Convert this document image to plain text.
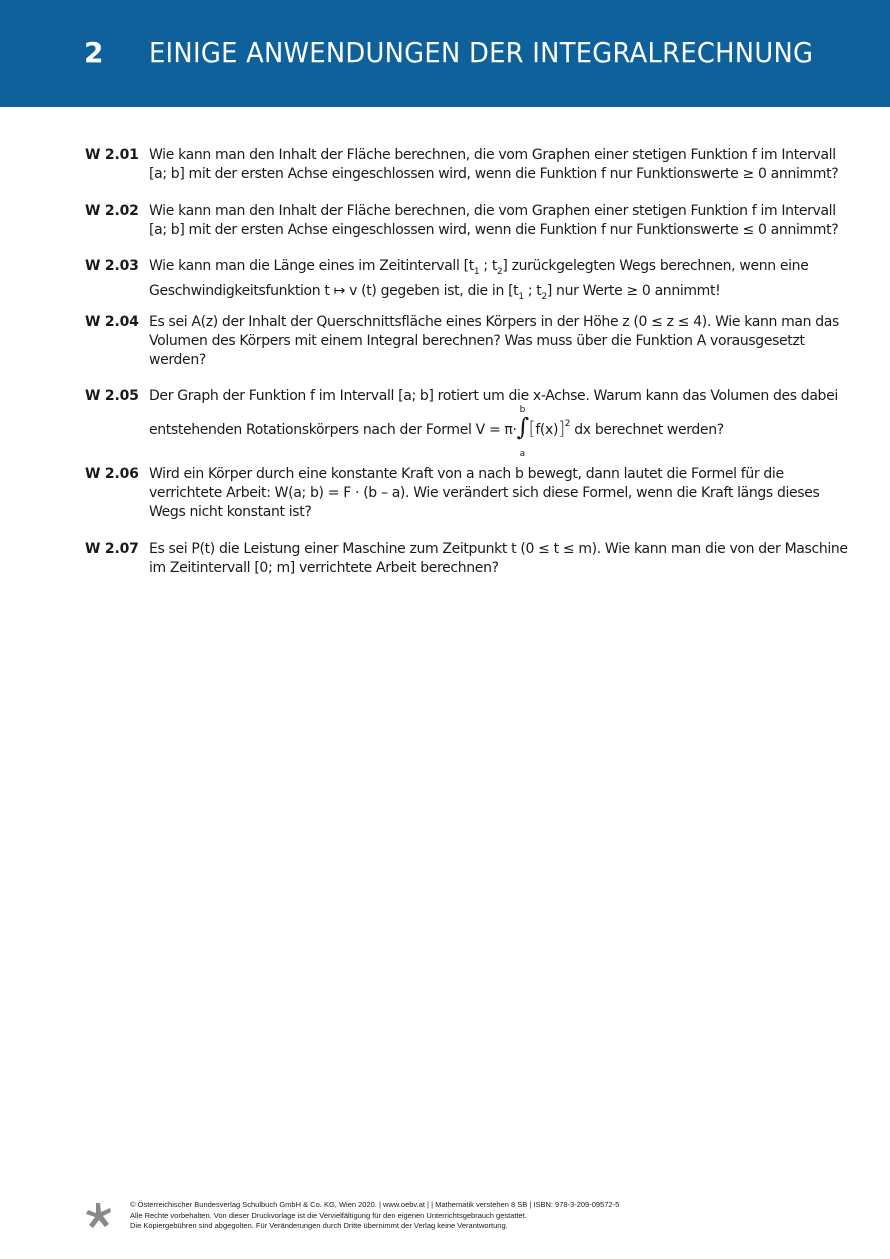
2 EINIGE ANWENDUNGEN DER INTEGRALRECHNUNG
W 2.01 Wie kann man den Inhalt der Fläche berechnen, die vom Graphen einer stetigen Funktion f im Intervall
[a; b] mit der ersten Achse eingeschlossen wird, wenn die Funktion f nur Funktionswerte ≥ 0 annimmt?
W 2.02 Wie kann man den Inhalt der Fläche berechnen, die vom Graphen einer stetigen Funktion f im Intervall
[a; b] mit der ersten Achse eingeschlossen wird, wenn die Funktion f nur Funktionswerte ≤ 0 annimmt?
W 2.03 Wie kann man die Länge eines im Zeitintervall [$t_1$ ; $t_2$] zurückgelegten Wegs berechnen, wenn eine
Geschwindigkeitsfunktion t ↦ v (t) gegeben ist, die in [$t_1$ ; $t_2$] nur Werte ≥ 0 annimmt!
W 2.04 Es sei A(z) der Inhalt der Querschnittsfläche eines Körpers in der Höhe z (0 ≤ z ≤ 4). Wie kann man das
Volumen des Körpers mit einem Integral berechnen? Was muss über die Funktion A vorausgesetzt
werden?
W 2.05 Der Graph der Funktion f im Intervall [a; b] rotiert um die x-Achse. Warum kann das Volumen des dabei
entstehenden Rotationskörpers nach der Formel V = π·
b
∫
a
$[f(x)]^2$ dx berechnet werden?
W 2.06 Wird ein Körper durch eine konstante Kraft von a nach b bewegt, dann lautet die Formel für die
verrichtete Arbeit: W(a; b) = F · (b – a). Wie verändert sich diese Formel, wenn die Kraft längs dieses
Wegs nicht konstant ist?
W 2.07 Es sei P(t) die Leistung einer Maschine zum Zeitpunkt t (0 ≤ t ≤ m). Wie kann man die von der Maschine
im Zeitintervall [0; m] verrichtete Arbeit berechnen?
© Österreichischer Bundesverlag Schulbuch GmbH & Co. KG, Wien 2020. | www.oebv.at | | Mathematik verstehen 8 SB | ISBN: 978-3-209-09572-5
Alle Rechte vorbehalten. Von dieser Druckvorlage ist die Vervielfältigung für den eigenen Unterrichtsgebrauch gestattet.
Die Kopiergebühren sind abgegolten. Für Veränderungen durch Dritte übernimmt der Verlag keine Verantwortung.
